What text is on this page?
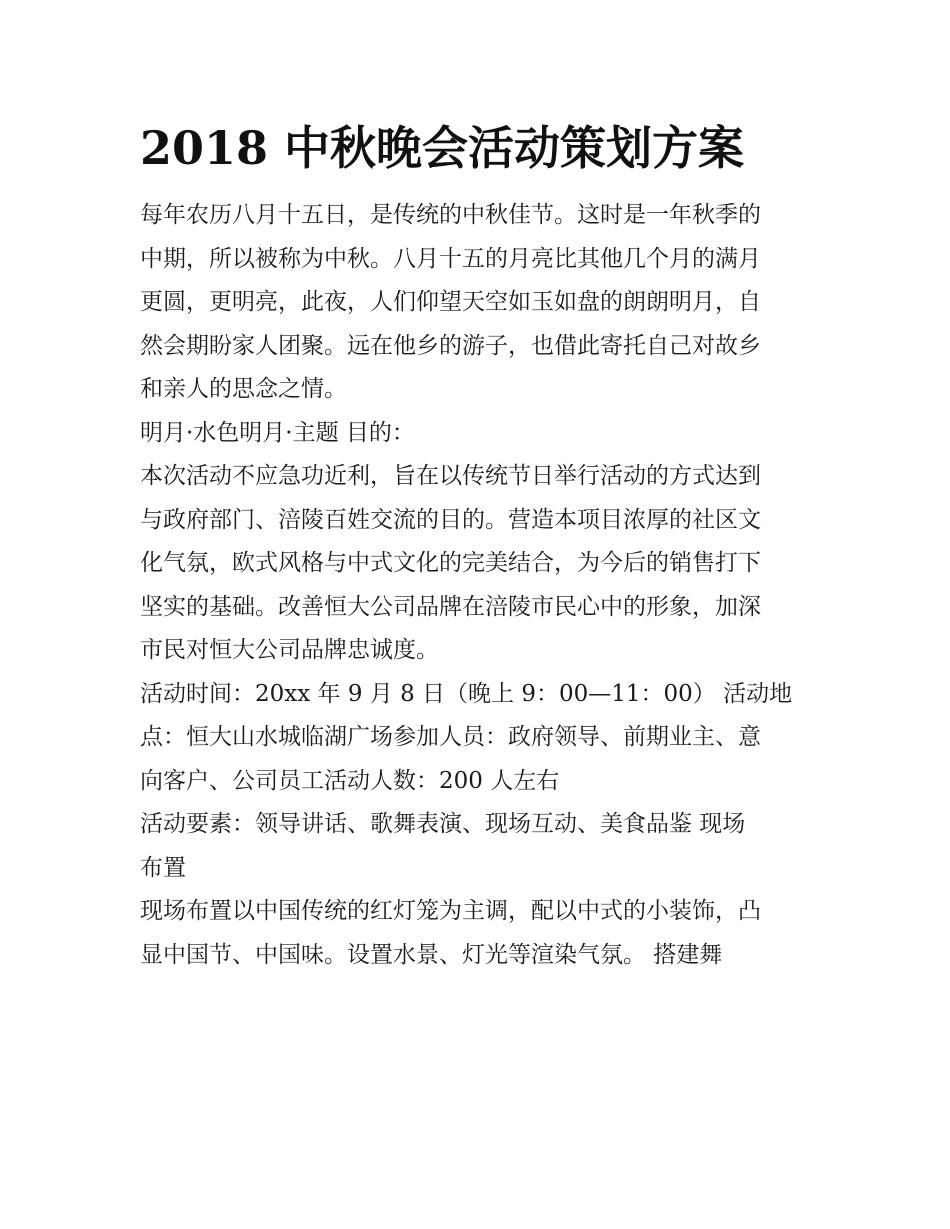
2018 中秋晚会活动策划方案

每年农历八月十五日，是传统的中秋佳节。这时是一年秋季的
中期，所以被称为中秋。八月十五的月亮比其他几个月的满月
更圆，更明亮，此夜，人们仰望天空如玉如盘的朗朗明月，自
然会期盼家人团聚。远在他乡的游子，也借此寄托自己对故乡
和亲人的思念之情。

明月·水色明月·主题 目的：

本次活动不应急功近利，旨在以传统节日举行活动的方式达到
与政府部门、涪陵百姓交流的目的。营造本项目浓厚的社区文
化气氛，欧式风格与中式文化的完美结合，为今后的销售打下
坚实的基础。改善恒大公司品牌在涪陵市民心中的形象，加深
市民对恒大公司品牌忠诚度。

活动时间：20xx 年 9 月 8 日（晚上 9：00—11：00） 活动地
点：恒大山水城临湖广场参加人员：政府领导、前期业主、意
向客户、公司员工活动人数：200 人左右

活动要素：领导讲话、歌舞表演、现场互动、美食品鉴 现场
布置

现场布置以中国传统的红灯笼为主调，配以中式的小装饰，凸
显中国节、中国味。设置水景、灯光等渲染气氛。 搭建舞
